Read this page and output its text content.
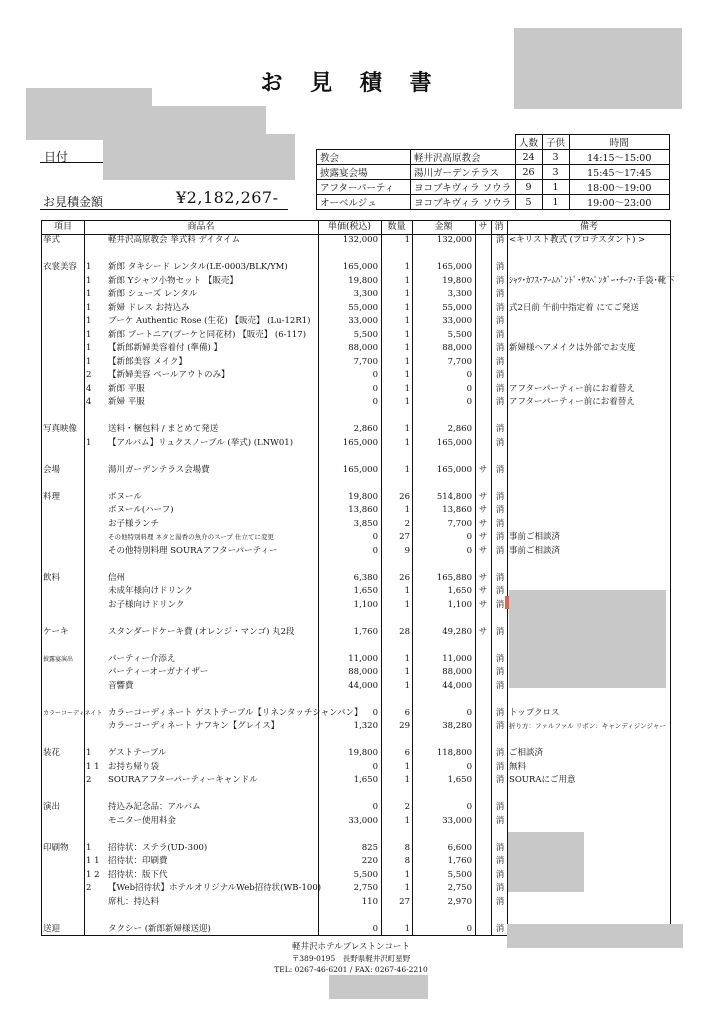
お 見 積 書
日付
お見積金額	¥2,182,267-
		人数	子供	時間
教会	軽井沢高原教会	24	3	14:15～15:00
披露宴会場	湯川ガーデンテラス	26	3	15:45～17:45
アフターパーティ	ヨコブキヴィラ ソウラ	9	1	18:00～19:00
オーベルジュ	ヨコブキヴィラ ソウラ	5	1	19:00～23:00
項目	商品名	単価(税込)	数量	金額	サ 消	備考
挙式	軽井沢高原教会 挙式料 デイタイム	132,000	1	132,000	消 <キリスト教式 (プロテスタント) >
衣裳美容	1	新郎 タキシード レンタル(LE-0003/BLK/YM)	165,000	1	165,000	消
1	新郎 Yシャツ小物セット 【販売】	19,800	1	19,800	消 ｼｬﾂ･ｶﾌｽ･ｱｰﾑﾊﾞﾝﾄﾞ･ｻｽﾍﾟﾝﾀﾞｰ･ﾁｰﾌ･手袋･靴下
1	新郎 シューズ レンタル	3,300	1	3,300	消
1	新婦 ドレス お持込み	55,000	1	55,000	消 式2日前 午前中指定着 にてご発送
1	ブーケ Authentic Rose (生花) 【販売】 (Lu-12R1)	33,000	1	33,000	消
1	新郎 ブートニア(ブーケと同花材) 【販売】 (6-117)	5,500	1	5,500	消
1	【新郎新婦美容着付 (準備) 】	88,000	1	88,000	消 新婦様ヘアメイクは外部でお支度
1	【新郎美容 メイク】	7,700	1	7,700	消
2	【新婦美容 ベールアウトのみ】	0	1	0	消
4	新郎 平服	0	1	0	消 アフターパーティー前にお着替え
4	新婦 平服	0	1	0	消 アフターパーティー前にお着替え
写真映像	送料・梱包料 / まとめて発送	2,860	1	2,860	消
1	【アルバム】リュクスノーブル (挙式) (LNW01)	165,000	1	165,000	消
会場	湯川ガーデンテラス会場費	165,000	1	165,000 サ 消
料理	ボヌール	19,800	26	514,800 サ 消
ボヌール(ハーフ)	13,860	1	13,860 サ 消
お子様ランチ	3,850	2	7,700 サ 消
その他特別料理 ネタと湯香の魚介のスープ 仕立てに変更	0	27	0 サ 消 事前ご相談済
その他特別料理 SOURAアフターパーティー	0	9	0 サ 消 事前ご相談済
飲料	信州	6,380	26	165,880 サ 消
未成年様向けドリンク	1,650	1	1,650 サ 消
お子様向けドリンク	1,100	1	1,100 サ 消
ケーキ	スタンダードケーキ費 (オレンジ・マンゴ) 丸2段	1,760	28	49,280 サ 消
披露宴演出	パーティー介添え	11,000	1	11,000	消
パーティーオーガナイザー	88,000	1	88,000	消
音響費	44,000	1	44,000	消
カラーコーディネイト カラーコーディネート ゲストテーブル【リネンタッチシャンパン】	0	6	0	消 トップクロス
カラーコーディネート ナフキン【グレイス】	1,320	29	38,280	消 折り方：ファルファル リボン：キャンディジンジャー
装花	1	ゲストテーブル	19,800	6	118,800	消 ご相談済
1 1 お持ち帰り袋	0	1	0	消 無料
2	SOURAアフターパーティーキャンドル	1,650	1	1,650	消 SOURAにご用意
演出	持込み記念品：アルバム	0	2	0	消
モニター使用料金	33,000	1	33,000	消
印刷物	1	招待状：ステラ(UD-300)	825	8	6,600	消
1 1 招待状：印刷費	220	8	1,760	消
1 2 招待状：版下代	5,500	1	5,500	消
2	【Web招待状】ホテルオリジナルWeb招待状(WB-100)	2,750	1	2,750	消
席札：持込料	110	27	2,970	消
送迎	タクシー (新郎新婦様送迎)	0	1	0	消
軽井沢ホテルブレストンコート
〒389-0195　長野県軽井沢町星野
TEL: 0267-46-6201 / FAX: 0267-46-2210
